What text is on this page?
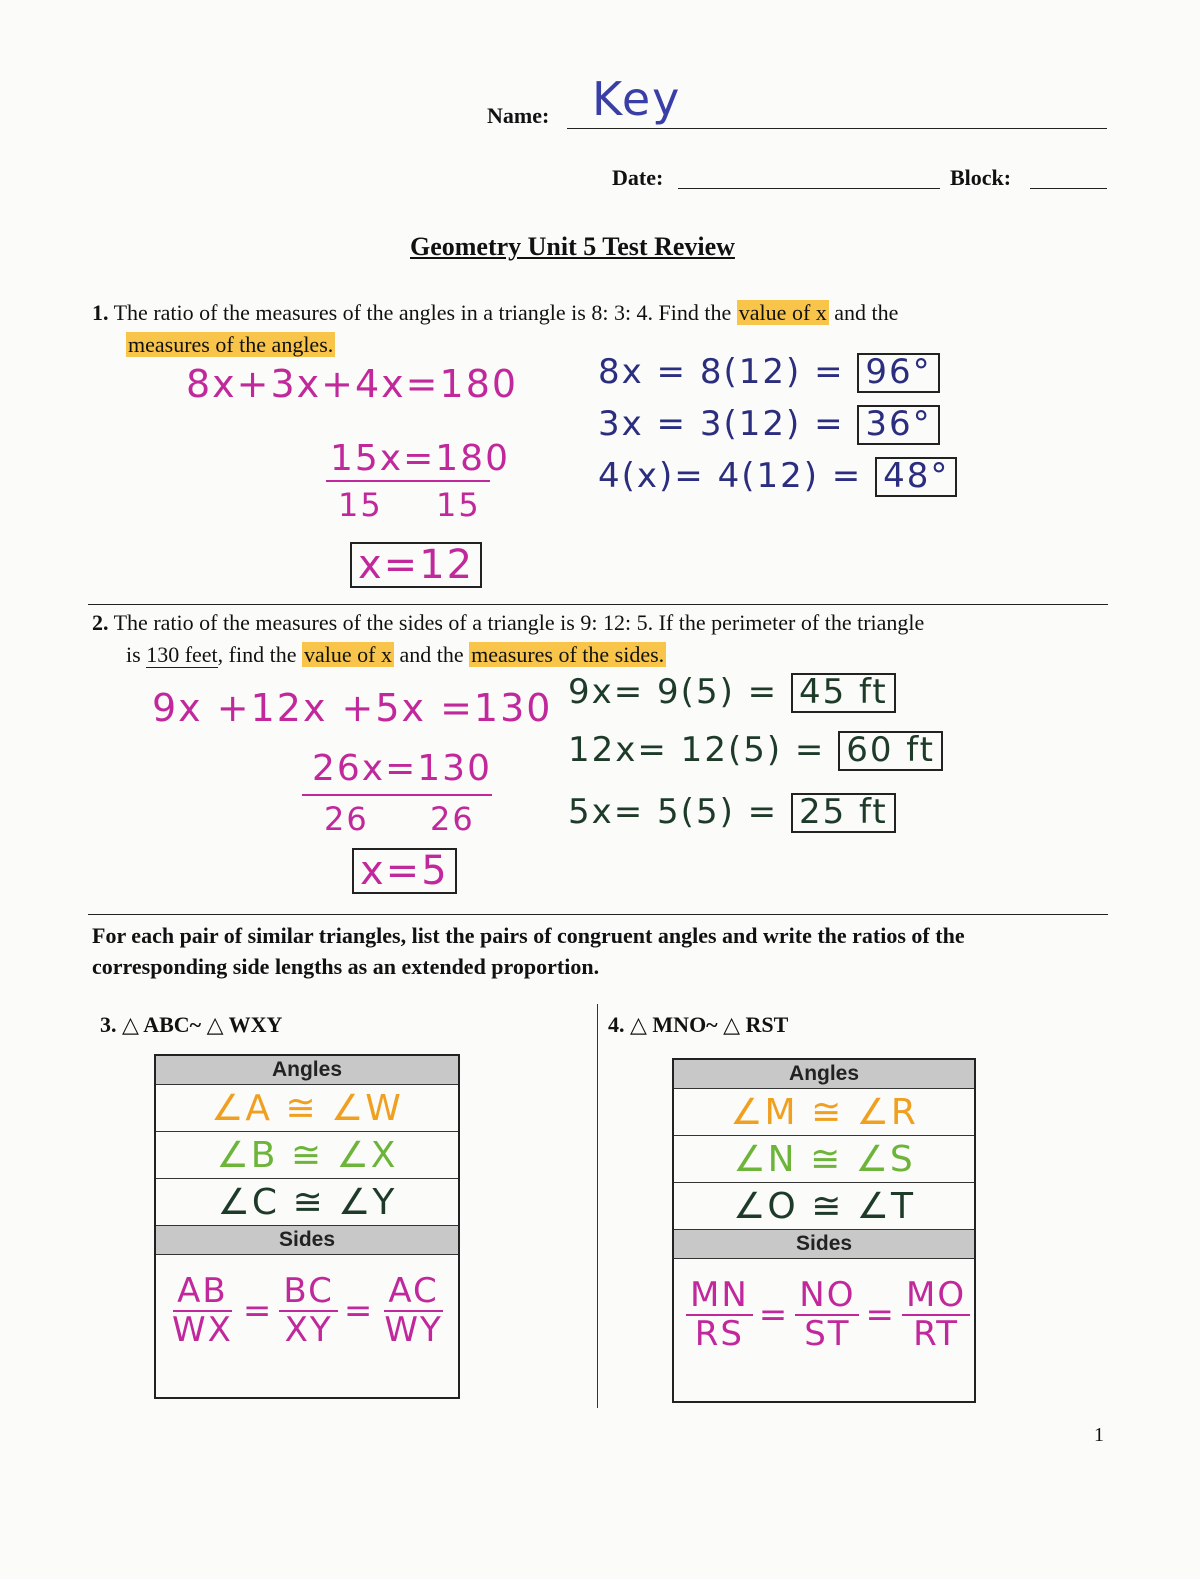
Name: Key
Date:	Block:
Geometry Unit 5 Test Review
1. The ratio of the measures of the angles in a triangle is 8: 3: 4. Find the value of x and the
measures of the angles.
8x+3x+4x=180
15x=180
15 15
x=12
8x = 8(12) = 96°
3x = 3(12) = 36°
4(x)= 4(12) = 48°
2. The ratio of the measures of the sides of a triangle is 9: 12: 5. If the perimeter of the triangle
is 130 feet, find the value of x and the measures of the sides.
9x +12x +5x =130
26x=130
26 26
x=5
9x= 9(5) = 45 ft
12x= 12(5) = 60 ft
5x= 5(5) = 25 ft
For each pair of similar triangles, list the pairs of congruent angles and write the ratios of the corresponding side lengths as an extended proportion.
3. △ ABC~ △ WXY
Angles
∠A ≅ ∠W
∠B ≅ ∠X
∠C ≅ ∠Y
Sides

$\frac{AB}{WX} = \frac{BC}{XY} = \frac{AC}{WY}$
4. △ MNO~ △ RST
Angles
∠M ≅ ∠R
∠N ≅ ∠S
∠O ≅ ∠T
Sides

$\frac{MN}{RS} = \frac{NO}{ST} = \frac{MO}{RT}$
1
